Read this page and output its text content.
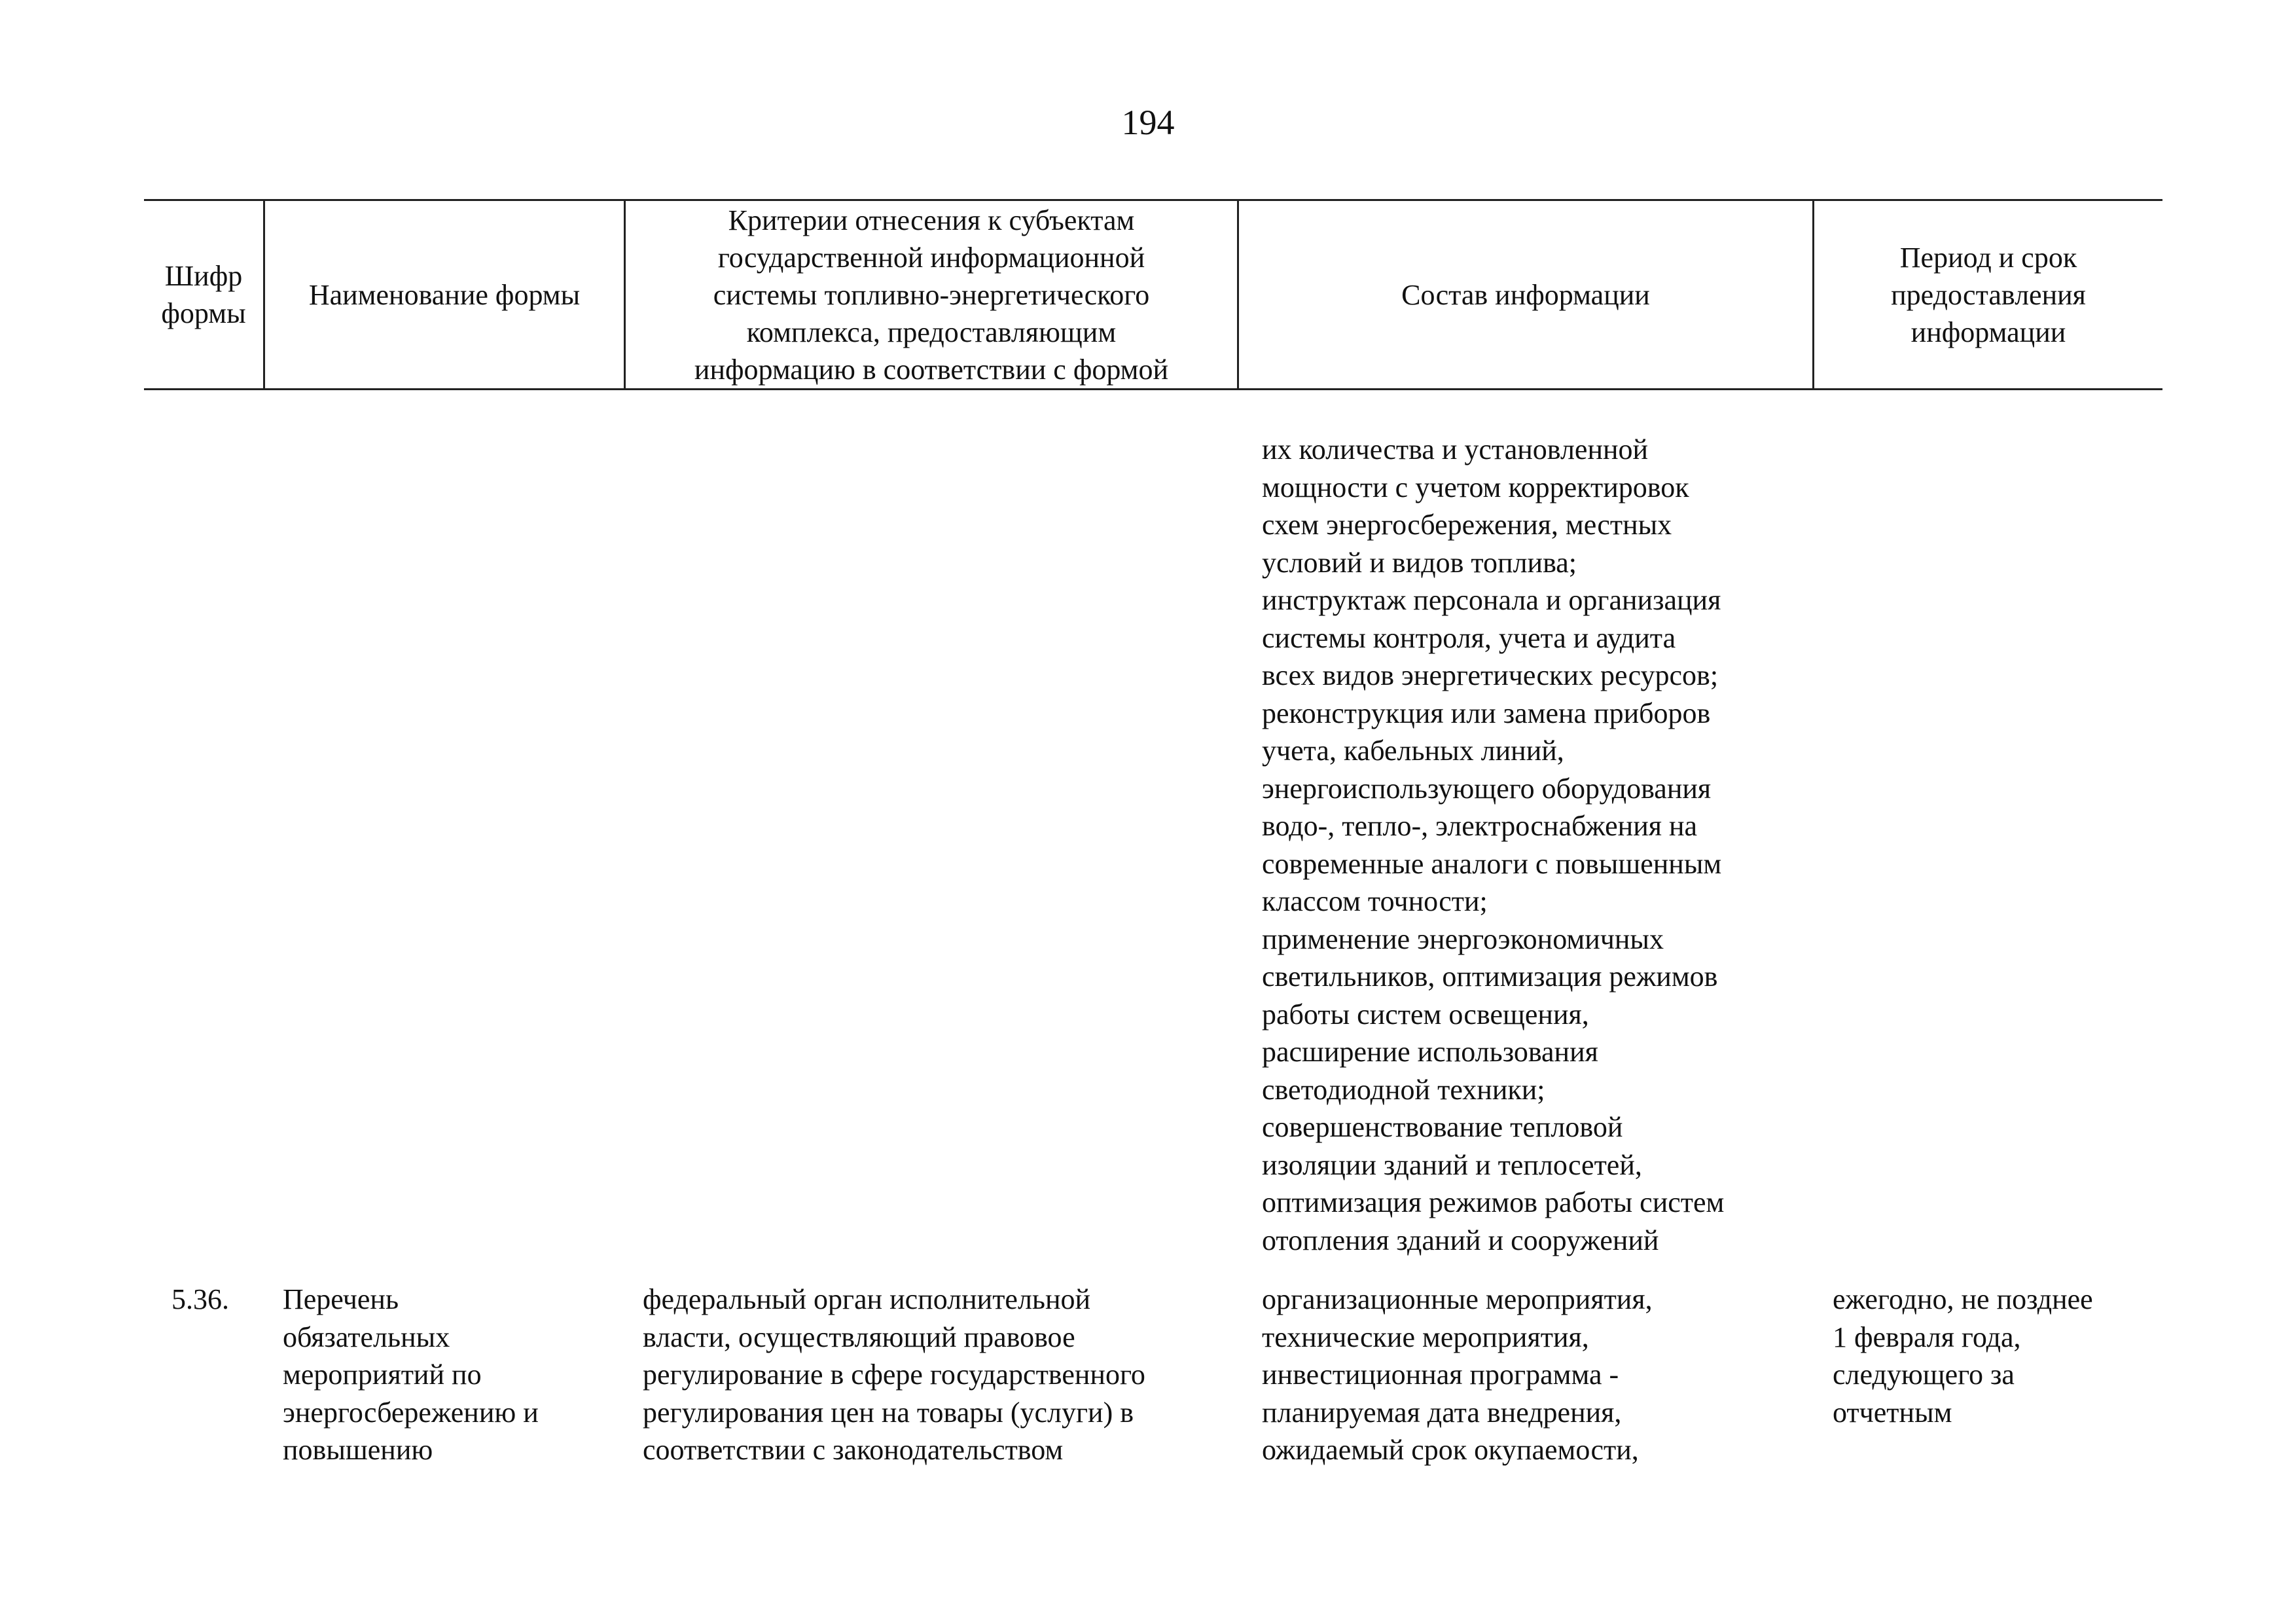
194
Шифр
формы
Наименование формы
Критерии отнесения к субъектам
государственной информационной
системы топливно-энергетического
комплекса, предоставляющим
информацию в соответствии с формой
Состав информации
Период и срок
предоставления
информации
их количества и установленной
мощности с учетом корректировок
схем энергосбережения, местных
условий и видов топлива;
инструктаж персонала и организация
системы контроля, учета и аудита
всех видов энергетических ресурсов;
реконструкция или замена приборов
учета, кабельных линий,
энергоиспользующего оборудования
водо-, тепло-, электроснабжения на
современные аналоги с повышенным
классом точности;
применение энергоэкономичных
светильников, оптимизация режимов
работы систем освещения,
расширение использования
светодиодной техники;
совершенствование тепловой
изоляции зданий и теплосетей,
оптимизация режимов работы систем
отопления зданий и сооружений
5.36. Перечень
обязательных
мероприятий по
энергосбережению и
повышению
федеральный орган исполнительной
власти, осуществляющий правовое
регулирование в сфере государственного
регулирования цен на товары (услуги) в
соответствии с законодательством
организационные мероприятия,
технические мероприятия,
инвестиционная программа -
планируемая дата внедрения,
ожидаемый срок окупаемости,
ежегодно, не позднее
1 февраля года,
следующего за
отчетным
